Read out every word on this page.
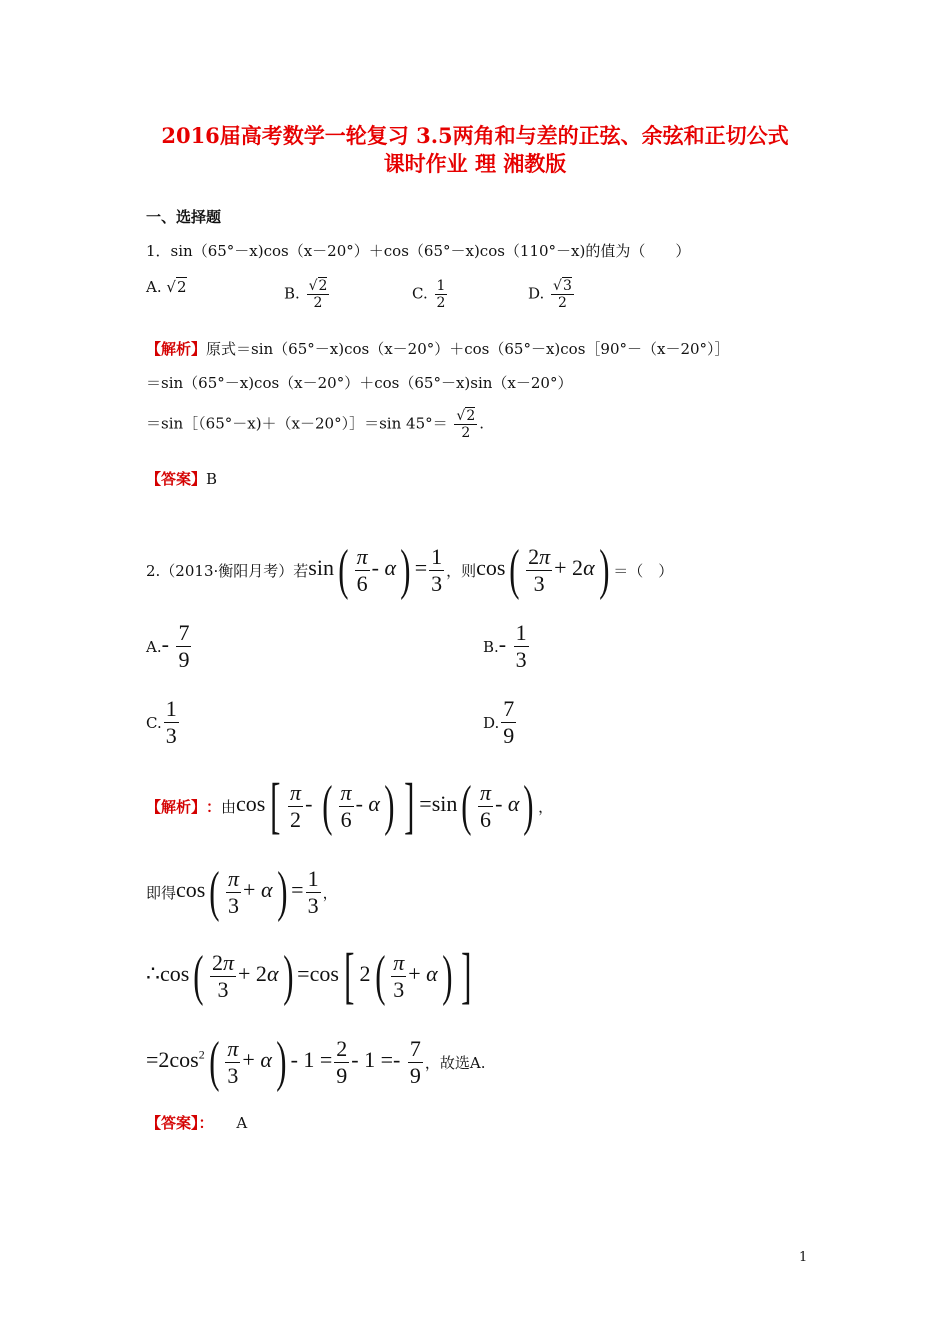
2016届高考数学一轮复习 3.5两角和与差的正弦、余弦和正切公式
课时作业 理 湘教版
一、选择题
1．sin（65°－x)cos（x－20°）＋cos（65°－x)cos（110°－x)的值为（　　）
A. √2	B. $\frac{√2}{2}$	C. $\frac{1}{2}$	D. $\frac{√3}{2}$
【解析】原式＝sin（65°－x)cos（x－20°）＋cos（65°－x)cos［90°－（x－20°）］
＝sin（65°－x)cos（x－20°）＋cos（65°－x)sin（x－20°）
＝sin［（65°－x)＋（x－20°）］＝sin $45^\circ= \frac{√2}{2}$ .
【答案】B
2.（2013·衡阳月考）若 $\sin( \frac{\pi}{6} - \alpha) = \frac{1}{3}$ ，则 $\cos( \frac{2\pi}{3} + 2\alpha)$ ＝（　）
A. - $\frac{7}{9}$	B. - $\frac{1}{3}$
C. $\frac{1}{3}$	D. $\frac{7}{9}$
【解析】 ： 由 $\cos[ \frac{\pi}{2}$ - ( $\frac{\pi}{6} - \alpha$) ] $=\sin( \frac{\pi}{6} - \alpha)$ ，
即得 $\cos( \frac{\pi}{3} + \alpha) = \frac{1}{3}$ ，
∴cos( $\frac{2\pi}{3} + 2\alpha) =\cos$[ $2( \frac{\pi}{3} + \alpha)$ ]
$=2\cos^2( \frac{\pi}{3} + \alpha) - 1 = \frac{2}{9} - 1 =- \frac{7}{9}$ ，故选A.
【答案】： A
1
